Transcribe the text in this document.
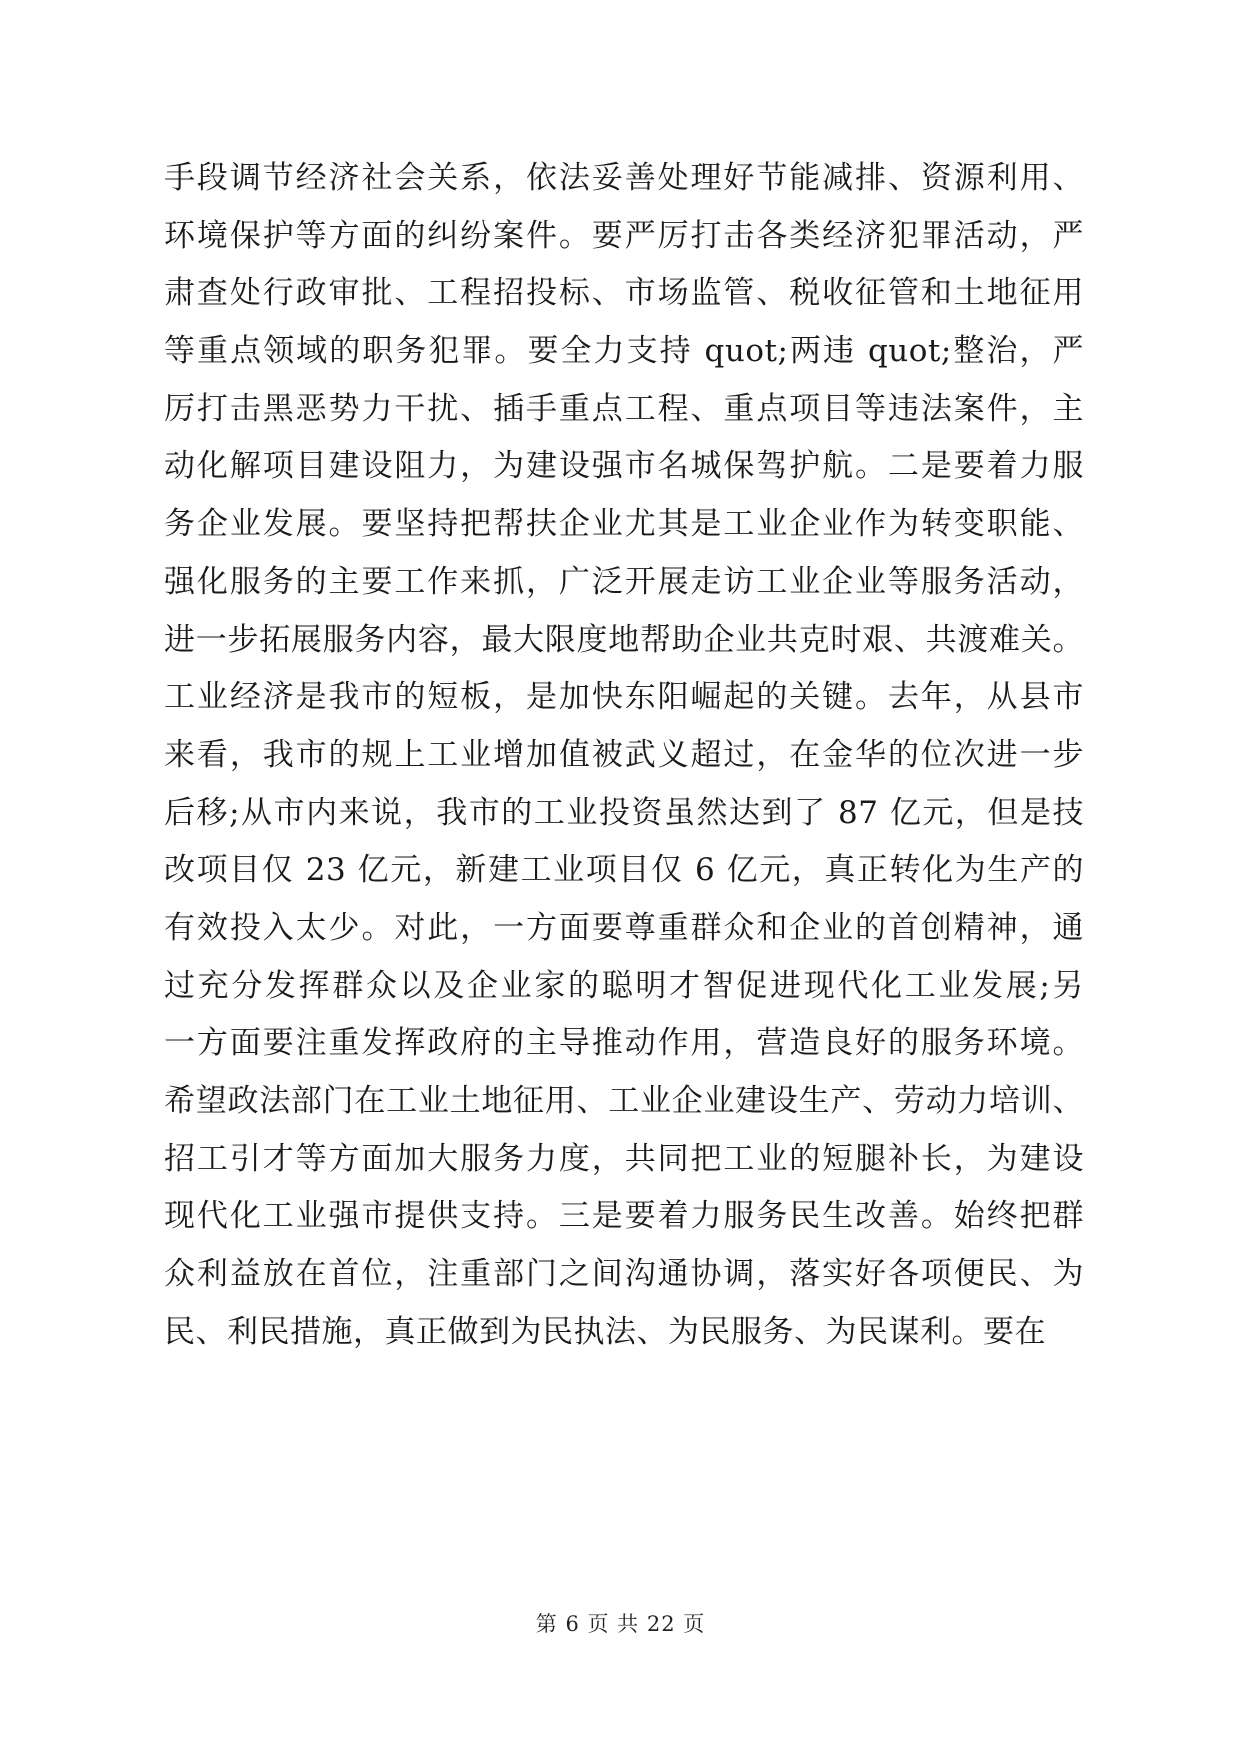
手段调节经济社会关系，依法妥善处理好节能减排、资源利用、
环境保护等方面的纠纷案件。要严厉打击各类经济犯罪活动，严
肃查处行政审批、工程招投标、市场监管、税收征管和土地征用
等重点领域的职务犯罪。要全力支持 quot;两违 quot;整治，严
厉打击黑恶势力干扰、插手重点工程、重点项目等违法案件，主
动化解项目建设阻力，为建设强市名城保驾护航。二是要着力服
务企业发展。要坚持把帮扶企业尤其是工业企业作为转变职能、
强化服务的主要工作来抓，广泛开展走访工业企业等服务活动，
进一步拓展服务内容，最大限度地帮助企业共克时艰、共渡难关。
工业经济是我市的短板，是加快东阳崛起的关键。去年，从县市
来看，我市的规上工业增加值被武义超过，在金华的位次进一步
后移;从市内来说，我市的工业投资虽然达到了 87 亿元，但是技
改项目仅 23 亿元，新建工业项目仅 6 亿元，真正转化为生产的
有效投入太少。对此，一方面要尊重群众和企业的首创精神，通
过充分发挥群众以及企业家的聪明才智促进现代化工业发展;另
一方面要注重发挥政府的主导推动作用，营造良好的服务环境。
希望政法部门在工业土地征用、工业企业建设生产、劳动力培训、
招工引才等方面加大服务力度，共同把工业的短腿补长，为建设
现代化工业强市提供支持。三是要着力服务民生改善。始终把群
众利益放在首位，注重部门之间沟通协调，落实好各项便民、为
民、利民措施，真正做到为民执法、为民服务、为民谋利。要在
第 6 页 共 22 页
